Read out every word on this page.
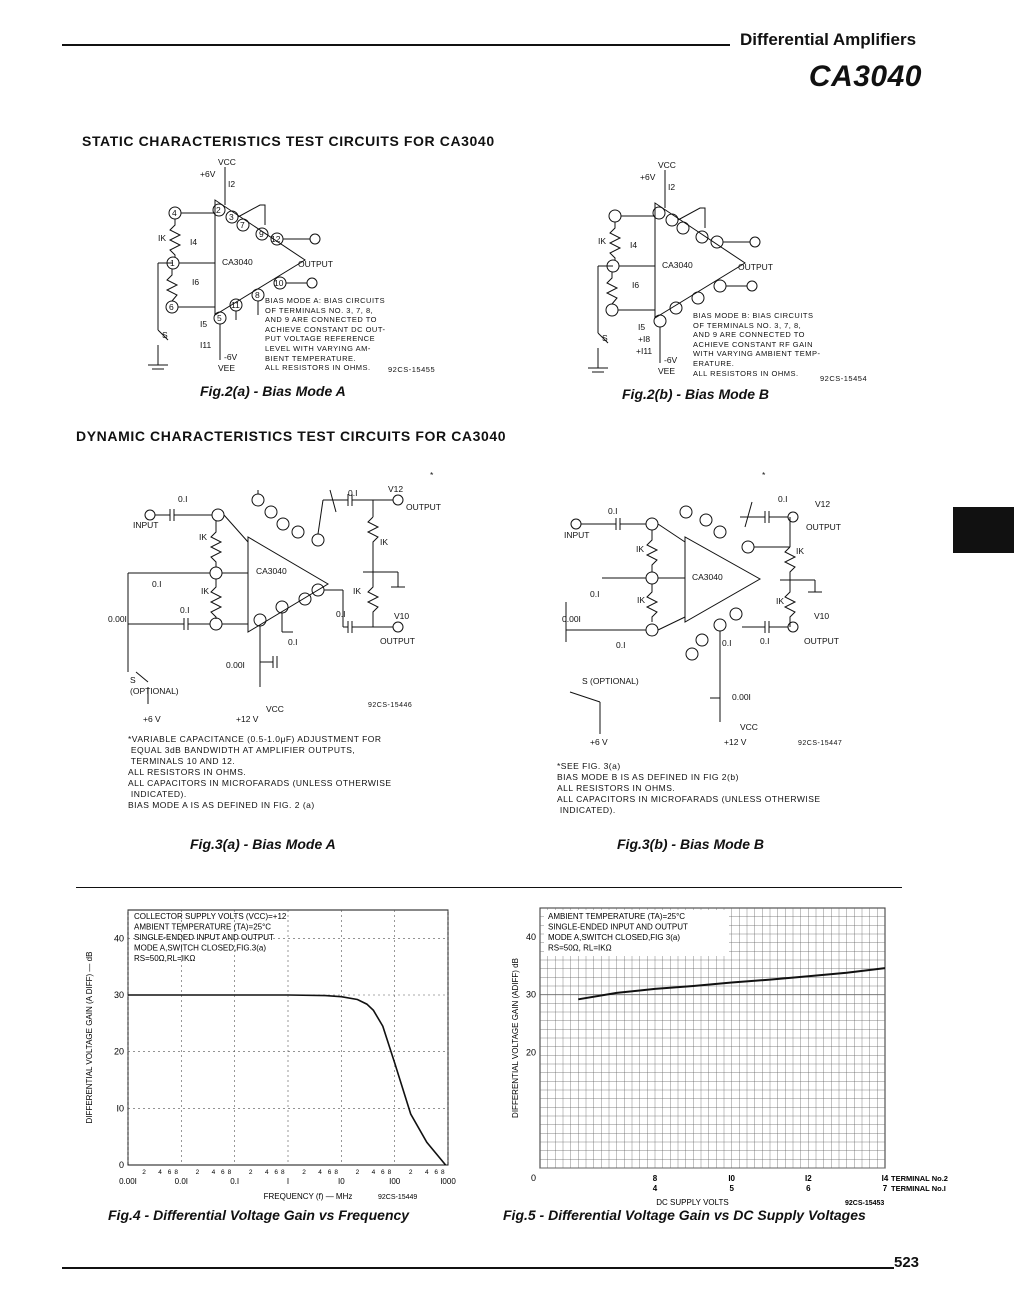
Differential Amplifiers
CA3040
STATIC CHARACTERISTICS TEST CIRCUITS FOR CA3040
DYNAMIC CHARACTERISTICS TEST CIRCUITS FOR CA3040
VCC
+6V
I2
I4
I6
I5
I11
-6V
VEE
CA3040	OUTPUT
IK
S
4	2
3
7
9 12
1
10
8
11
5
6
BIAS MODE A: BIAS CIRCUITS
OF TERMINALS NO. 3, 7, 8,
AND 9 ARE CONNECTED TO
ACHIEVE CONSTANT DC OUT-
PUT VOLTAGE REFERENCE
LEVEL WITH VARYING AM-
BIENT TEMPERATURE.
ALL RESISTORS IN OHMS.	92CS-15455
Fig.2(a) - Bias Mode A
VCC
+6V
I2
I4
I6
I5
+I8
+I11
-6V
VEE
CA3040	OUTPUT
IK
S
BIAS MODE B: BIAS CIRCUITS
OF TERMINALS NO. 3, 7, 8,
AND 9 ARE CONNECTED TO
ACHIEVE CONSTANT RF GAIN
WITH VARYING AMBIENT TEMP-
ERATURE.
ALL RESISTORS IN OHMS.
92CS-15454
Fig.2(b) - Bias Mode B
*
0.I
INPUT
IK
0.I
IK
0.I
0.00I
S
(OPTIONAL)
CA3040
0.I	V12
OUTPUT
IK
IK
0.I	V10
OUTPUT
0.I
0.00I
VCC
+6 V	+12 V
92CS-15446
*VARIABLE CAPACITANCE (0.5-1.0μF) ADJUSTMENT FOR
EQUAL 3dB BANDWIDTH AT AMPLIFIER OUTPUTS,
TERMINALS 10 AND 12.
ALL RESISTORS IN OHMS.
ALL CAPACITORS IN MICROFARADS (UNLESS OTHERWISE
INDICATED).
BIAS MODE A IS AS DEFINED IN FIG. 2 (a)
Fig.3(a) - Bias Mode A
*
0.I
INPUT
IK
0.I
IK
0.00I
0.I
S (OPTIONAL)
CA3040
0.I	V12
OUTPUT
IK
IK
0.I
V10
OUTPUT
0.I
0.00I
VCC
+6 V	+12 V	92CS-15447
*SEE FIG. 3(a)
BIAS MODE B IS AS DEFINED IN FIG 2(b)
ALL RESISTORS IN OHMS.
ALL CAPACITORS IN MICROFARADS (UNLESS OTHERWISE
INDICATED).
Fig.3(b) - Bias Mode B
0
I0
20
30
40
0.00I	0.0I	0.I	I	I0	I00	I000
2 4 6 8	2 4 6 8	2 4 6 8	2 4 6 8	2 4 6 8	2 4 6 8
FREQUENCY (f) — MHz	92CS-15449
DIFFERENTIAL VOLTAGE GAIN (A DIFF) — dB
COLLECTOR SUPPLY VOLTS (VCC)=+12
AMBIENT TEMPERATURE (TA)=25°C
SINGLE-ENDED INPUT AND OUTPUT
MODE A,SWITCH CLOSED,FIG.3(a)
RS=50Ω,RL=IKΩ
Fig.4 - Differential Voltage Gain vs Frequency
AMBIENT TEMPERATURE (TA)=25°C
SINGLE-ENDED INPUT AND OUTPUT
MODE A,SWITCH CLOSED,FIG 3(a)
RS=50Ω, RL=IKΩ
20
30
40
8	I0	I2	I4
4	5	6	7
0	TERMINAL No.2
TERMINAL No.I
DC SUPPLY VOLTS	92CS-15453
DIFFERENTIAL VOLTAGE GAIN (ADIFF) dB
Fig.5 - Differential Voltage Gain vs DC Supply Voltages
523
